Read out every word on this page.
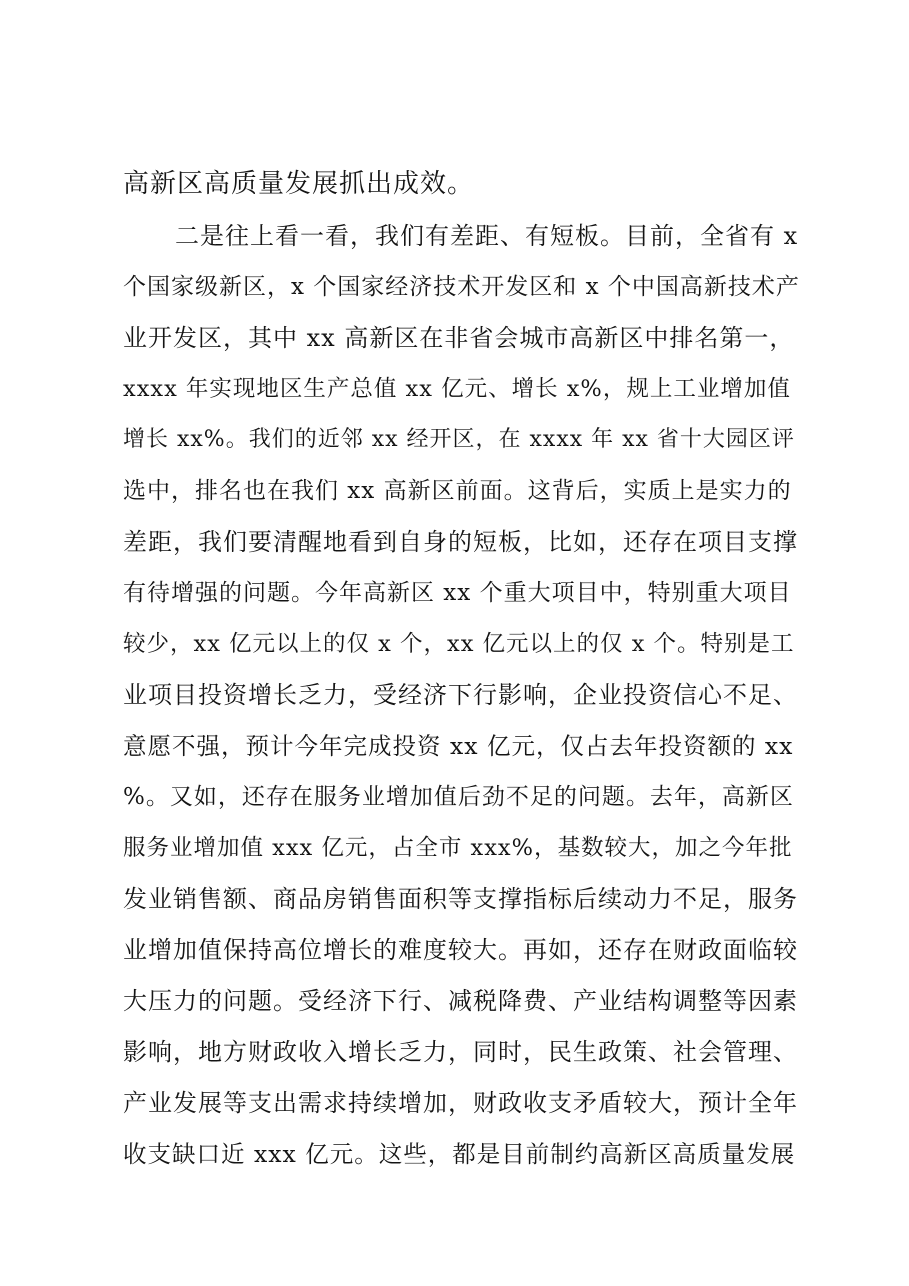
高新区高质量发展抓出成效。
二是往上看一看，我们有差距、有短板。目前，全省有 x
个国家级新区，x 个国家经济技术开发区和 x 个中国高新技术产
业开发区，其中 xx 高新区在非省会城市高新区中排名第一，
xxxx 年实现地区生产总值 xx 亿元、增长 x%，规上工业增加值
增长 xx%。我们的近邻 xx 经开区，在 xxxx 年 xx 省十大园区评
选中，排名也在我们 xx 高新区前面。这背后，实质上是实力的
差距，我们要清醒地看到自身的短板，比如，还存在项目支撑
有待增强的问题。今年高新区 xx 个重大项目中，特别重大项目
较少，xx 亿元以上的仅 x 个，xx 亿元以上的仅 x 个。特别是工
业项目投资增长乏力，受经济下行影响，企业投资信心不足、
意愿不强，预计今年完成投资 xx 亿元，仅占去年投资额的 xx
%。又如，还存在服务业增加值后劲不足的问题。去年，高新区
服务业增加值 xxx 亿元，占全市 xxx%，基数较大，加之今年批
发业销售额、商品房销售面积等支撑指标后续动力不足，服务
业增加值保持高位增长的难度较大。再如，还存在财政面临较
大压力的问题。受经济下行、减税降费、产业结构调整等因素
影响，地方财政收入增长乏力，同时，民生政策、社会管理、
产业发展等支出需求持续增加，财政收支矛盾较大，预计全年
收支缺口近 xxx 亿元。这些，都是目前制约高新区高质量发展
